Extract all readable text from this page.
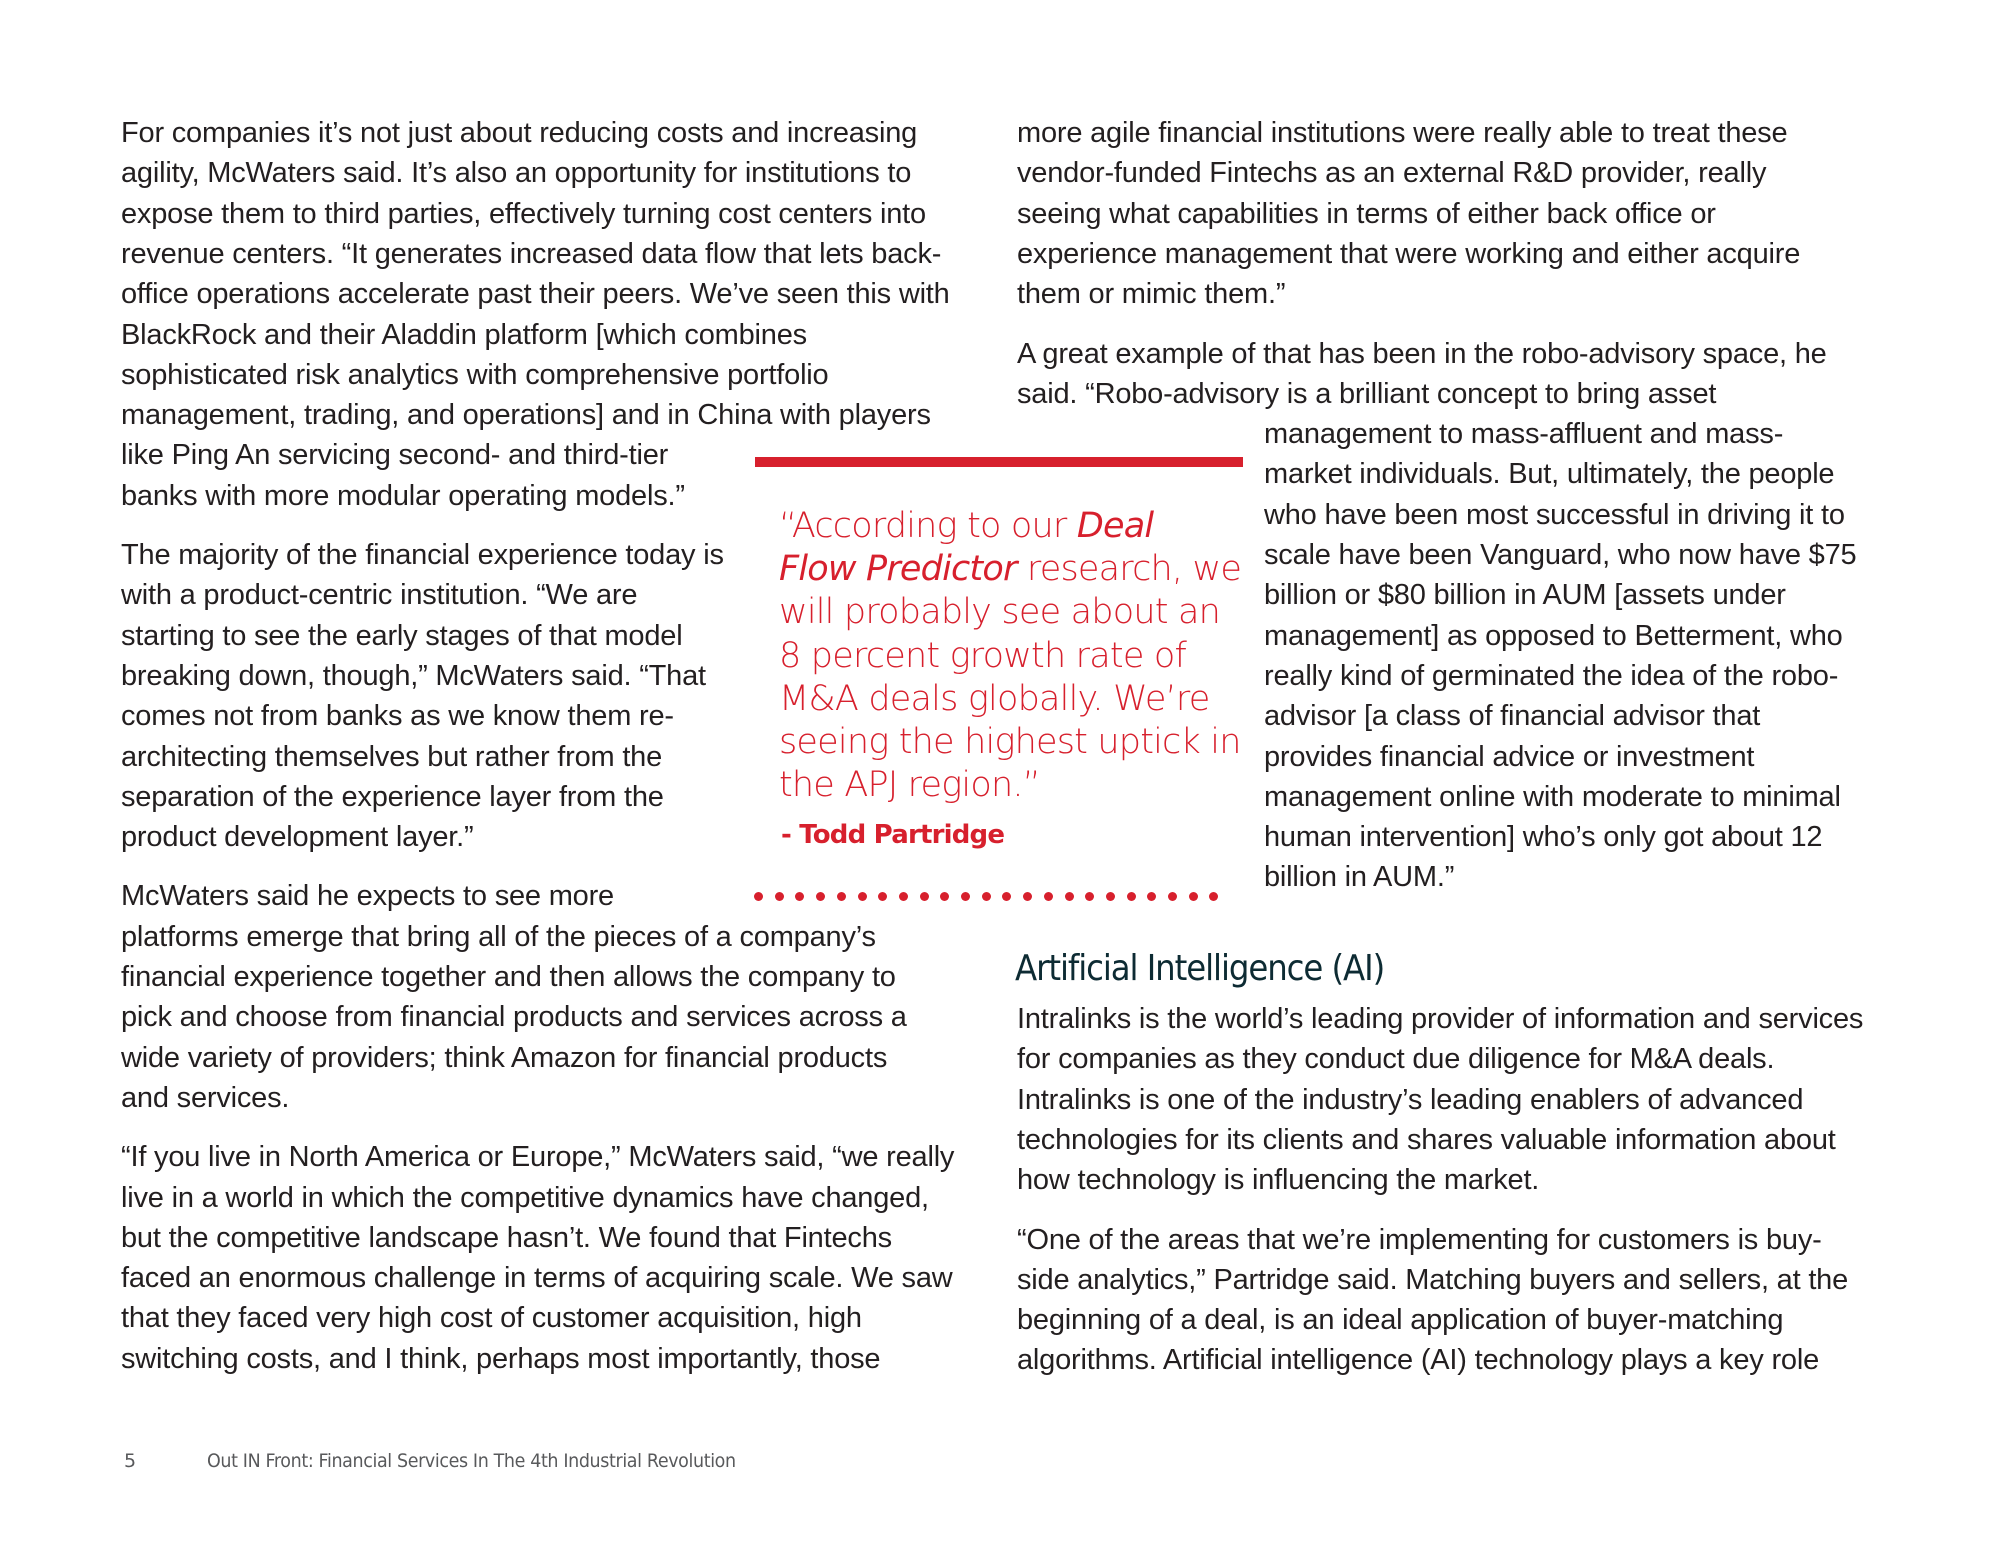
For companies it’s not just about reducing costs and increasing
agility, McWaters said. It’s also an opportunity for institutions to
expose them to third parties, effectively turning cost centers into
revenue centers. “It generates increased data flow that lets back-
office operations accelerate past their peers. We’ve seen this with
BlackRock and their Aladdin platform [which combines
sophisticated risk analytics with comprehensive portfolio
management, trading, and operations] and in China with players
like Ping An servicing second- and third-tier
banks with more modular operating models.”
The majority of the financial experience today is
with a product-centric institution. “We are
starting to see the early stages of that model
breaking down, though,” McWaters said. “That
comes not from banks as we know them re-
architecting themselves but rather from the
separation of the experience layer from the
product development layer.”
McWaters said he expects to see more
platforms emerge that bring all of the pieces of a company’s
financial experience together and then allows the company to
pick and choose from financial products and services across a
wide variety of providers; think Amazon for financial products
and services.
“If you live in North America or Europe,” McWaters said, “we really
live in a world in which the competitive dynamics have changed,
but the competitive landscape hasn’t. We found that Fintechs
faced an enormous challenge in terms of acquiring scale. We saw
that they faced very high cost of customer acquisition, high
switching costs, and I think, perhaps most importantly, those
more agile financial institutions were really able to treat these
vendor-funded Fintechs as an external R&D provider, really
seeing what capabilities in terms of either back office or
experience management that were working and either acquire
them or mimic them.”
A great example of that has been in the robo-advisory space, he
said. “Robo-advisory is a brilliant concept to bring asset
management to mass-affluent and mass-
market individuals. But, ultimately, the people
who have been most successful in driving it to
scale have been Vanguard, who now have $75
billion or $80 billion in AUM [assets under
management] as opposed to Betterment, who
really kind of germinated the idea of the robo-
advisor [a class of financial advisor that
provides financial advice or investment
management online with moderate to minimal
human intervention] who’s only got about 12
billion in AUM.”
“According to our Deal
Flow Predictor research, we
will probably see about an
8 percent growth rate of
M&A deals globally. We’re
seeing the highest uptick in
the APJ region.”
- Todd Partridge
Artificial Intelligence (AI)
Intralinks is the world’s leading provider of information and services
for companies as they conduct due diligence for M&A deals.
Intralinks is one of the industry’s leading enablers of advanced
technologies for its clients and shares valuable information about
how technology is influencing the market.
“One of the areas that we’re implementing for customers is buy-
side analytics,” Partridge said. Matching buyers and sellers, at the
beginning of a deal, is an ideal application of buyer-matching
algorithms. Artificial intelligence (AI) technology plays a key role
5	Out IN Front: Financial Services In The 4th Industrial Revolution
